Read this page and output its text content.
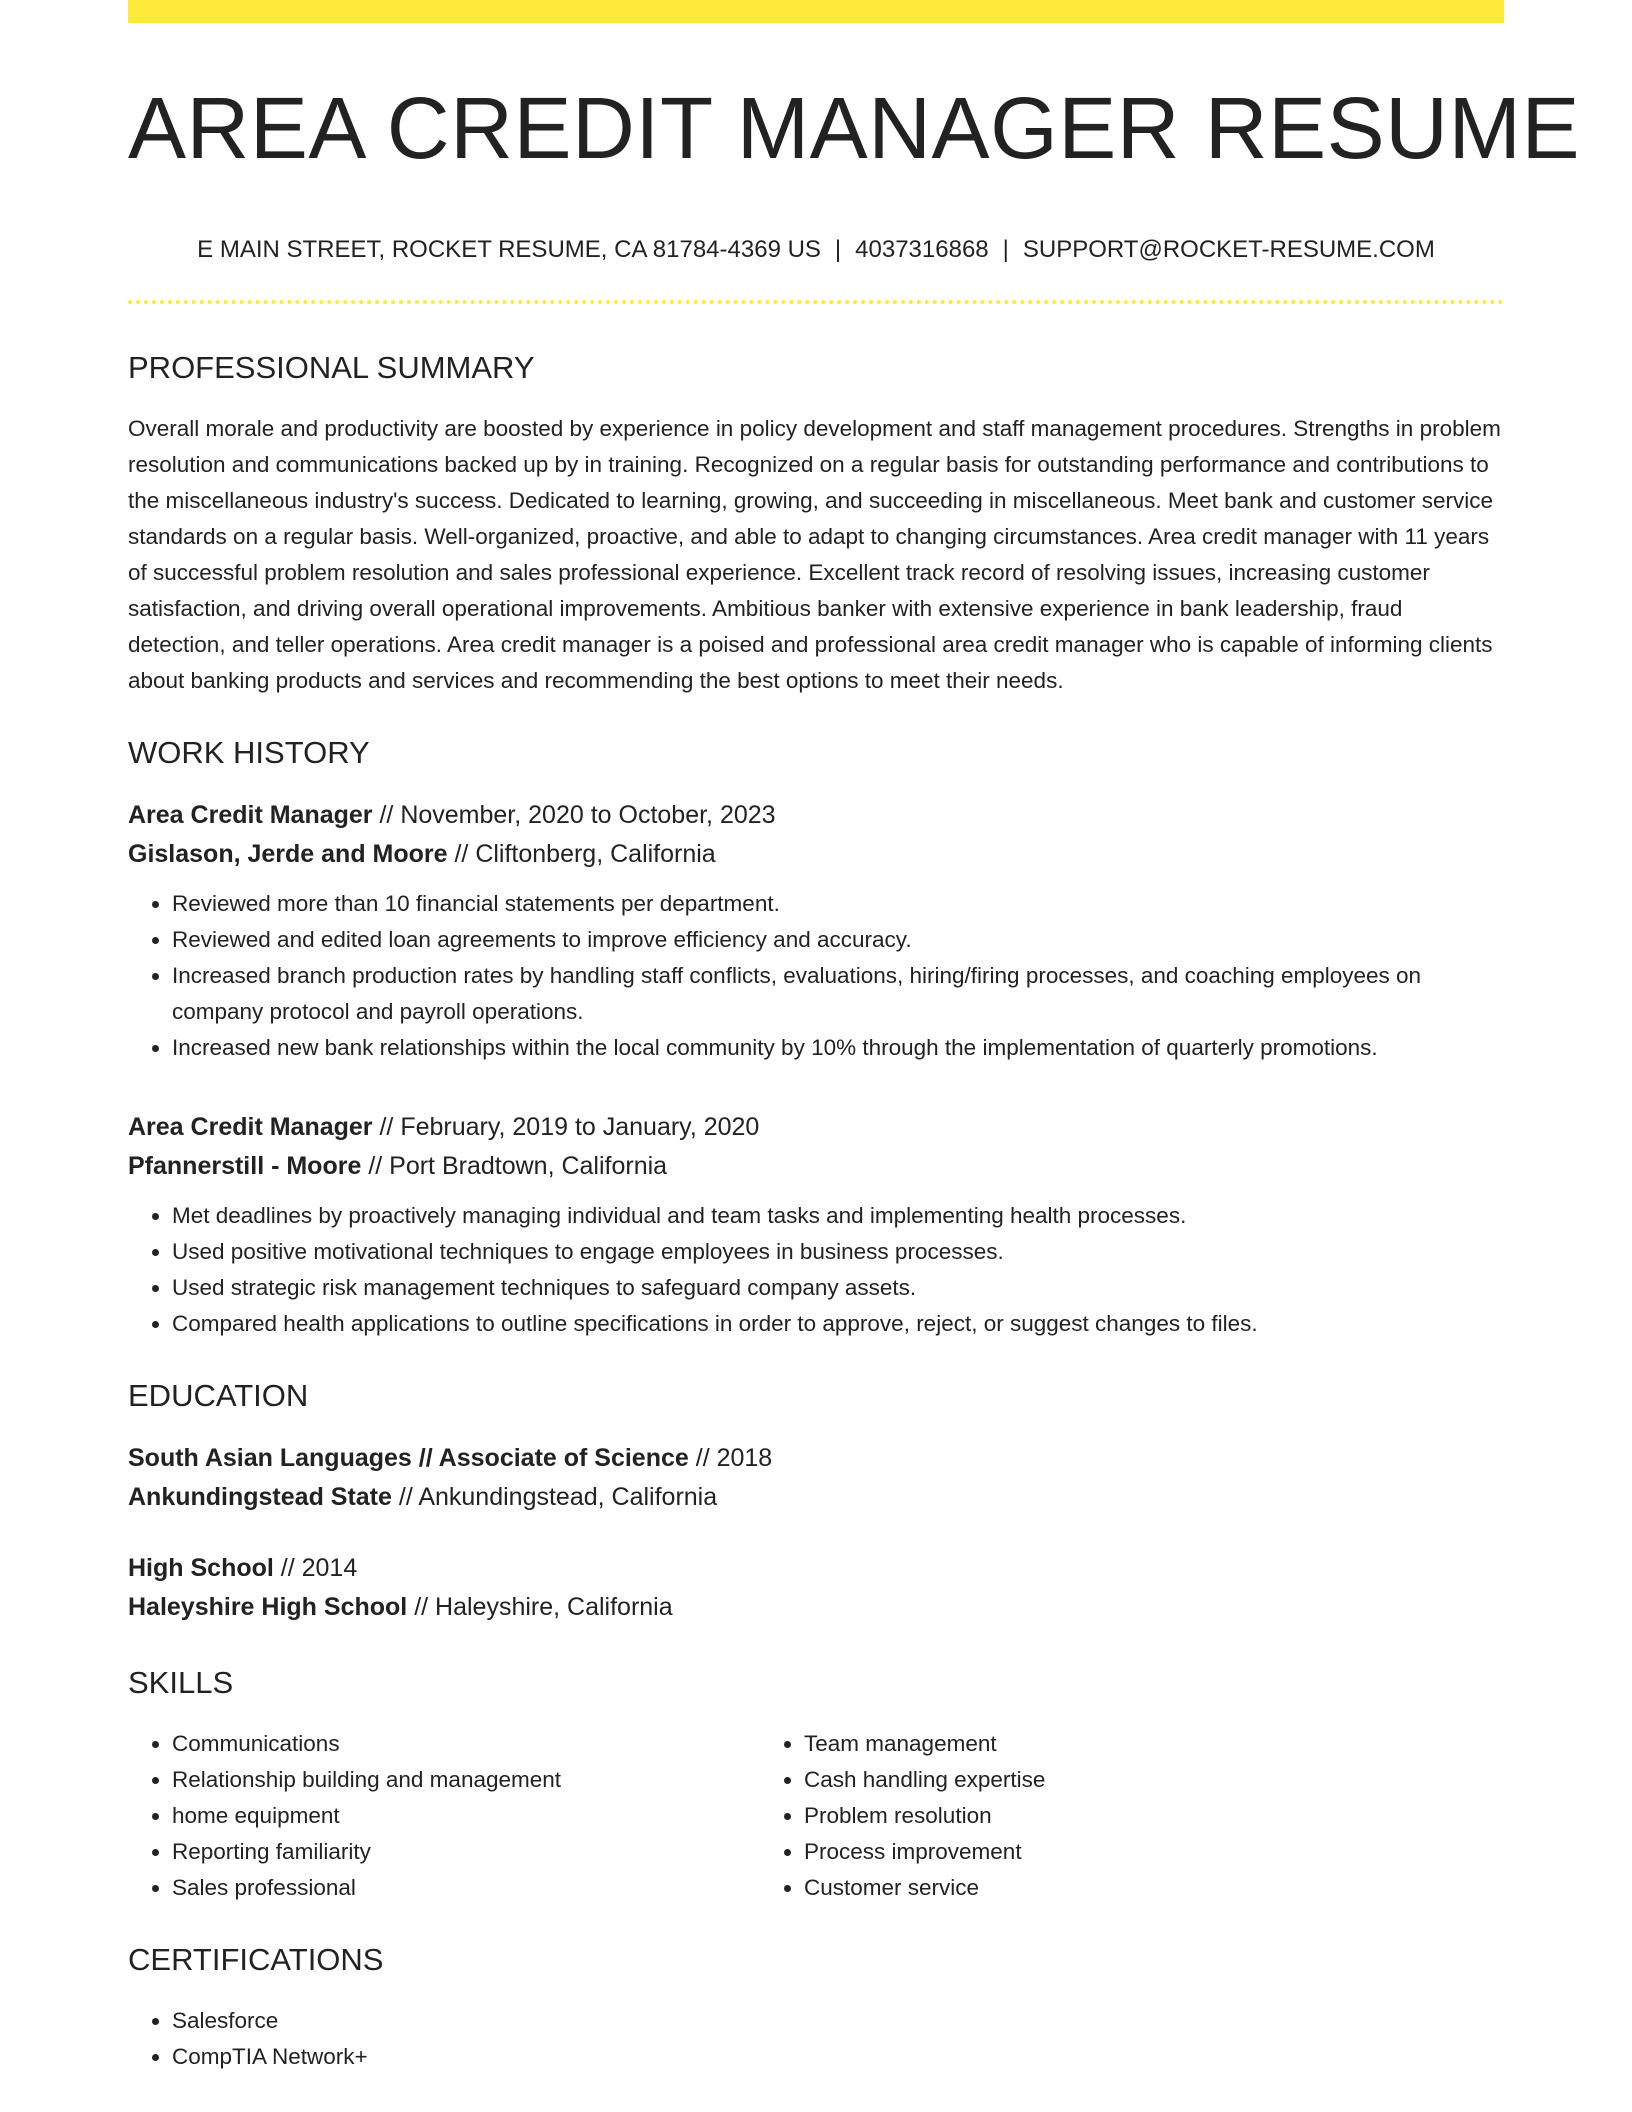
AREA CREDIT MANAGER RESUME
E MAIN STREET, ROCKET RESUME, CA 81784-4369 US | 4037316868 | SUPPORT@ROCKET-RESUME.COM
PROFESSIONAL SUMMARY
Overall morale and productivity are boosted by experience in policy development and staff management procedures. Strengths in problem resolution and communications backed up by in training. Recognized on a regular basis for outstanding performance and contributions to the miscellaneous industry's success. Dedicated to learning, growing, and succeeding in miscellaneous. Meet bank and customer service standards on a regular basis. Well-organized, proactive, and able to adapt to changing circumstances. Area credit manager with 11 years of successful problem resolution and sales professional experience. Excellent track record of resolving issues, increasing customer satisfaction, and driving overall operational improvements. Ambitious banker with extensive experience in bank leadership, fraud detection, and teller operations. Area credit manager is a poised and professional area credit manager who is capable of informing clients about banking products and services and recommending the best options to meet their needs.
WORK HISTORY
Area Credit Manager // November, 2020 to October, 2023
Gislason, Jerde and Moore // Cliftonberg, California
• Reviewed more than 10 financial statements per department.
• Reviewed and edited loan agreements to improve efficiency and accuracy.
• Increased branch production rates by handling staff conflicts, evaluations, hiring/firing processes, and coaching employees on company protocol and payroll operations.
• Increased new bank relationships within the local community by 10% through the implementation of quarterly promotions.
Area Credit Manager // February, 2019 to January, 2020
Pfannerstill - Moore // Port Bradtown, California
• Met deadlines by proactively managing individual and team tasks and implementing health processes.
• Used positive motivational techniques to engage employees in business processes.
• Used strategic risk management techniques to safeguard company assets.
• Compared health applications to outline specifications in order to approve, reject, or suggest changes to files.
EDUCATION
South Asian Languages // Associate of Science // 2018
Ankundingstead State // Ankundingstead, California
High School // 2014
Haleyshire High School // Haleyshire, California
SKILLS
• Communications
• Relationship building and management
• home equipment
• Reporting familiarity
• Sales professional
• Team management
• Cash handling expertise
• Problem resolution
• Process improvement
• Customer service
CERTIFICATIONS
• Salesforce
• CompTIA Network+
